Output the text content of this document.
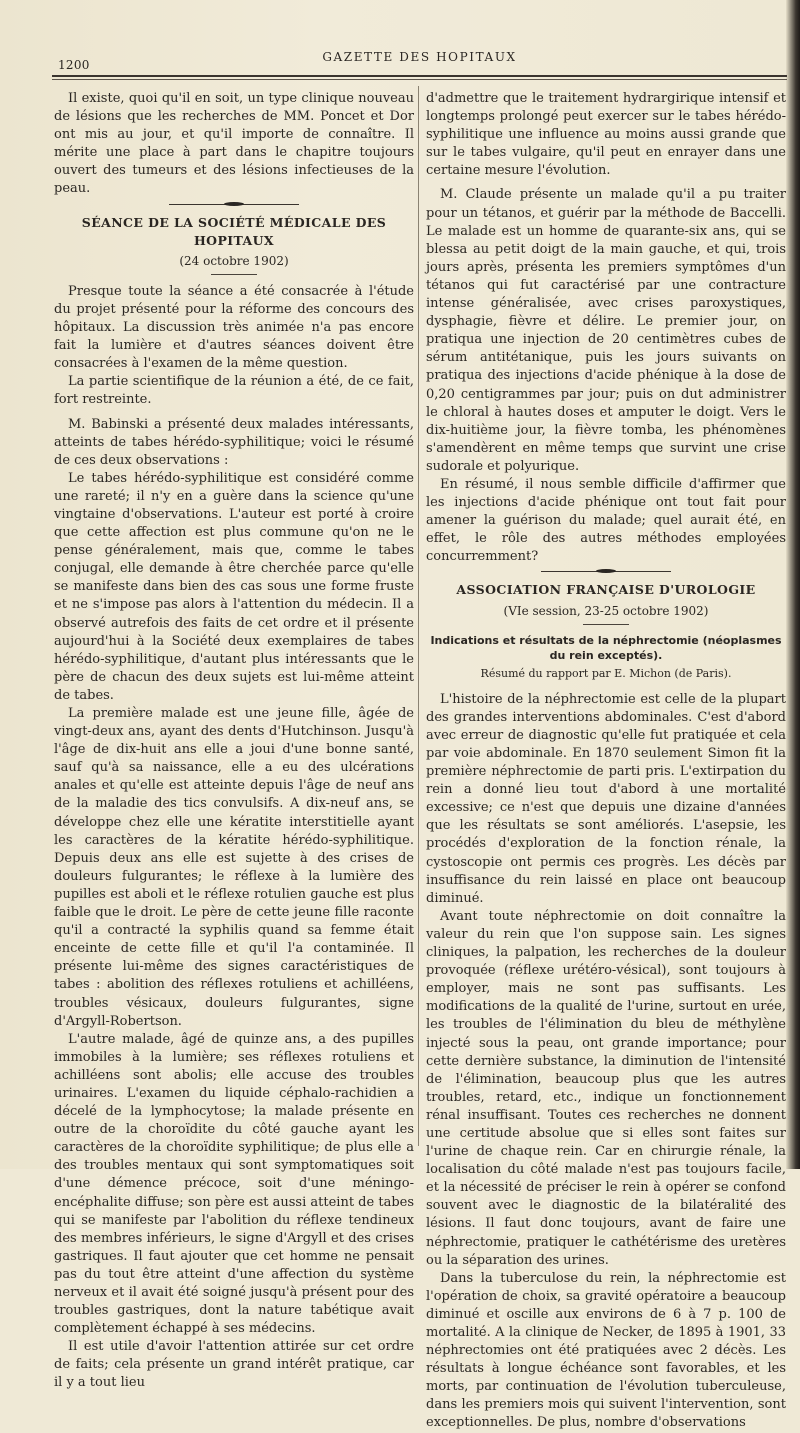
1200
GAZETTE DES HOPITAUX

Il existe, quoi qu'il en soit, un type clinique nouveau de lésions que les recherches de MM. Poncet et Dor ont mis au jour, et qu'il importe de connaître. Il mérite une place à part dans le chapitre toujours ouvert des tumeurs et des lésions infectieuses de la peau.

SÉANCE DE LA SOCIÉTÉ MÉDICALE DES HOPITAUX
(24 octobre 1902)

Presque toute la séance a été consacrée à l'étude du projet présenté pour la réforme des concours des hôpitaux. La discussion très animée n'a pas encore fait la lumière et d'autres séances doivent être consacrées à l'examen de la même question.

La partie scientifique de la réunion a été, de ce fait, fort restreinte.

M. Babinski a présenté deux malades intéressants, atteints de tabes hérédo-syphilitique; voici le résumé de ces deux observations :

Le tabes hérédo-syphilitique est considéré comme une rareté; il n'y en a guère dans la science qu'une vingtaine d'observations. L'auteur est porté à croire que cette affection est plus commune qu'on ne le pense généralement, mais que, comme le tabes conjugal, elle demande à être cherchée parce qu'elle se manifeste dans bien des cas sous une forme fruste et ne s'impose pas alors à l'attention du médecin. Il a observé autrefois des faits de cet ordre et il présente aujourd'hui à la Société deux exemplaires de tabes hérédo-syphilitique, d'autant plus intéressants que le père de chacun des deux sujets est lui-même atteint de tabes.

La première malade est une jeune fille, âgée de vingt-deux ans, ayant des dents d'Hutchinson. Jusqu'à l'âge de dix-huit ans elle a joui d'une bonne santé, sauf qu'à sa naissance, elle a eu des ulcérations anales et qu'elle est atteinte depuis l'âge de neuf ans de la maladie des tics convulsifs. A dix-neuf ans, se développe chez elle une kératite interstitielle ayant les caractères de la kératite hérédo-syphilitique. Depuis deux ans elle est sujette à des crises de douleurs fulgurantes; le réflexe à la lumière des pupilles est aboli et le réflexe rotulien gauche est plus faible que le droit. Le père de cette jeune fille raconte qu'il a contracté la syphilis quand sa femme était enceinte de cette fille et qu'il l'a contaminée. Il présente lui-même des signes caractéristiques de tabes : abolition des réflexes rotuliens et achilléens, troubles vésicaux, douleurs fulgurantes, signe d'Argyll-Robertson.

L'autre malade, âgé de quinze ans, a des pupilles immobiles à la lumière; ses réflexes rotuliens et achilléens sont abolis; elle accuse des troubles urinaires. L'examen du liquide céphalo-rachidien a décelé de la lymphocytose; la malade présente en outre de la choroïdite du côté gauche ayant les caractères de la choroïdite syphilitique; de plus elle a des troubles mentaux qui sont symptomatiques soit d'une démence précoce, soit d'une méningo-encéphalite diffuse; son père est aussi atteint de tabes qui se manifeste par l'abolition du réflexe tendineux des membres inférieurs, le signe d'Argyll et des crises gastriques. Il faut ajouter que cet homme ne pensait pas du tout être atteint d'une affection du système nerveux et il avait été soigné jusqu'à présent pour des troubles gastriques, dont la nature tabétique avait complètement échappé à ses médecins.

Il est utile d'avoir l'attention attirée sur cet ordre de faits; cela présente un grand intérêt pratique, car il y a tout lieu

d'admettre que le traitement hydrargirique intensif et longtemps prolongé peut exercer sur le tabes hérédo-syphilitique une influence au moins aussi grande que sur le tabes vulgaire, qu'il peut en enrayer dans une certaine mesure l'évolution.

M. Claude présente un malade qu'il a pu traiter pour un tétanos, et guérir par la méthode de Baccelli. Le malade est un homme de quarante-six ans, qui se blessa au petit doigt de la main gauche, et qui, trois jours après, présenta les premiers symptômes d'un tétanos qui fut caractérisé par une contracture intense généralisée, avec crises paroxystiques, dysphagie, fièvre et délire. Le premier jour, on pratiqua une injection de 20 centimètres cubes de sérum antitétanique, puis les jours suivants on pratiqua des injections d'acide phénique à la dose de 0,20 centigrammes par jour; puis on dut administrer le chloral à hautes doses et amputer le doigt. Vers le dix-huitième jour, la fièvre tomba, les phénomènes s'amendèrent en même temps que survint une crise sudorale et polyurique.

En résumé, il nous semble difficile d'affirmer que les injections d'acide phénique ont tout fait pour amener la guérison du malade; quel aurait été, en effet, le rôle des autres méthodes employées concurremment?

ASSOCIATION FRANÇAISE D'UROLOGIE
(VIe session, 23-25 octobre 1902)
Indications et résultats de la néphrectomie (néoplasmes du rein exceptés).
Résumé du rapport par E. Michon (de Paris).

L'histoire de la néphrectomie est celle de la plupart des grandes interventions abdominales. C'est d'abord avec erreur de diagnostic qu'elle fut pratiquée et cela par voie abdominale. En 1870 seulement Simon fit la première néphrectomie de parti pris. L'extirpation du rein a donné lieu tout d'abord à une mortalité excessive; ce n'est que depuis une dizaine d'années que les résultats se sont améliorés. L'asepsie, les procédés d'exploration de la fonction rénale, la cystoscopie ont permis ces progrès. Les décès par insuffisance du rein laissé en place ont beaucoup diminué.

Avant toute néphrectomie on doit connaître la valeur du rein que l'on suppose sain. Les signes cliniques, la palpation, les recherches de la douleur provoquée (réflexe urétéro-vésical), sont toujours à employer, mais ne sont pas suffisants. Les modifications de la qualité de l'urine, surtout en urée, les troubles de l'élimination du bleu de méthylène injecté sous la peau, ont grande importance; pour cette dernière substance, la diminution de l'intensité de l'élimination, beaucoup plus que les autres troubles, retard, etc., indique un fonctionnement rénal insuffisant. Toutes ces recherches ne donnent une certitude absolue que si elles sont faites sur l'urine de chaque rein. Car en chirurgie rénale, la localisation du côté malade n'est pas toujours facile, et la nécessité de préciser le rein à opérer se confond souvent avec le diagnostic de la bilatéralité des lésions. Il faut donc toujours, avant de faire une néphrectomie, pratiquer le cathétérisme des uretères ou la séparation des urines.

Dans la tuberculose du rein, la néphrectomie est l'opération de choix, sa gravité opératoire a beaucoup diminué et oscille aux environs de 6 à 7 p. 100 de mortalité. A la clinique de Necker, de 1895 à 1901, 33 néphrectomies ont été pratiquées avec 2 décès. Les résultats à longue échéance sont favorables, et les morts, par continuation de l'évolution tuberculeuse, dans les premiers mois qui suivent l'intervention, sont exceptionnelles. De plus, nombre d'observations
